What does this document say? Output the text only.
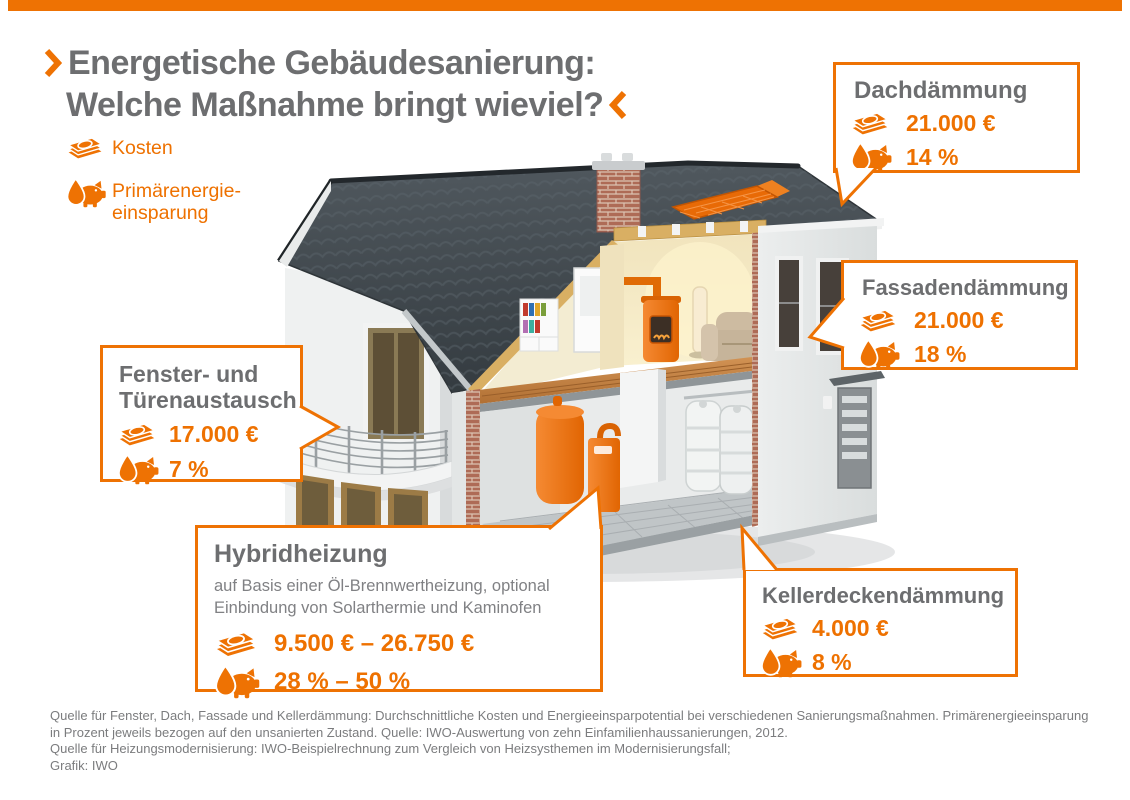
Energetische Gebäudesanierung:
Welche Maßnahme bringt wieviel?
Kosten
Primärenergie-
einsparung
Dachdämmung
21.000 €
14 %
Fassadendämmung
21.000 €
18 %
Fenster- und
Türenaustausch
17.000 €
7 %
Hybridheizung
auf Basis einer Öl-Brennwertheizung, optional
Einbindung von Solarthermie und Kaminofen
9.500 € – 26.750 €
28 % – 50 %
Kellerdeckendämmung
4.000 €
8 %
Quelle für Fenster, Dach, Fassade und Kellerdämmung: Durchschnittliche Kosten und Energieeinsparpotential bei verschiedenen Sanierungsmaßnahmen. Primärenergieeinsparung
in Prozent jeweils bezogen auf den unsanierten Zustand. Quelle: IWO-Auswertung von zehn Einfamilienhaussanierungen, 2012.
Quelle für Heizungsmodernisierung: IWO-Beispielrechnung zum Vergleich von Heizsysthemen im Modernisierungsfall;
Grafik: IWO
